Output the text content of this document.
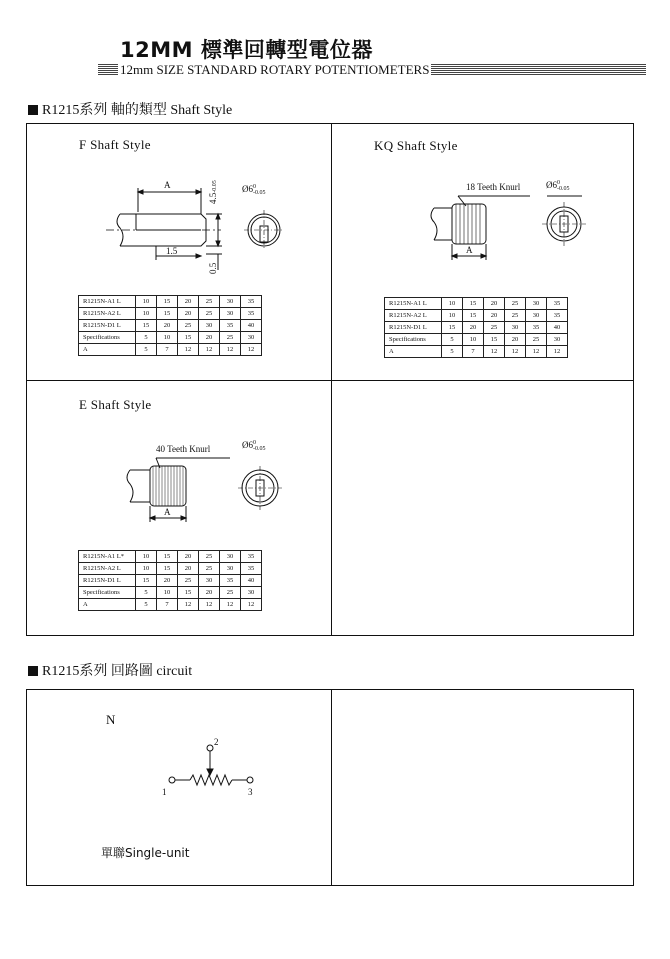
12MM 標準回轉型電位器
12mm SIZE STANDARD ROTARY POTENTIOMETERS
R1215系列 軸的類型 Shaft Style
F Shaft Style
A
1.5
4.5-0.05
0.5
Ø60
-0.05
R1215N-A1 L	10	15	20	25	30	35
R1215N-A2 L	10	15	20	25	30	35
R1215N-D1 L	15	20	25	30	35	40
Specifications	5	10	15	20	25	30
A	5	7	12	12	12	12
KQ Shaft Style
18 Teeth Knurl
A
Ø60
-0.05
R1215N-A1 L	10	15	20	25	30	35
R1215N-A2 L	10	15	20	25	30	35
R1215N-D1 L	15	20	25	30	35	40
Specifications	5	10	15	20	25	30
A	5	7	12	12	12	12
E Shaft Style
40 Teeth Knurl
A
Ø60
-0.05
R1215N-A1 L*	10	15	20	25	30	35
R1215N-A2 L	10	15	20	25	30	35
R1215N-D1 L	15	20	25	30	35	40
Specifications	5	10	15	20	25	30
A	5	7	12	12	12	12
R1215系列 回路圖 circuit
N
1
2
3
單聯Single-unit
